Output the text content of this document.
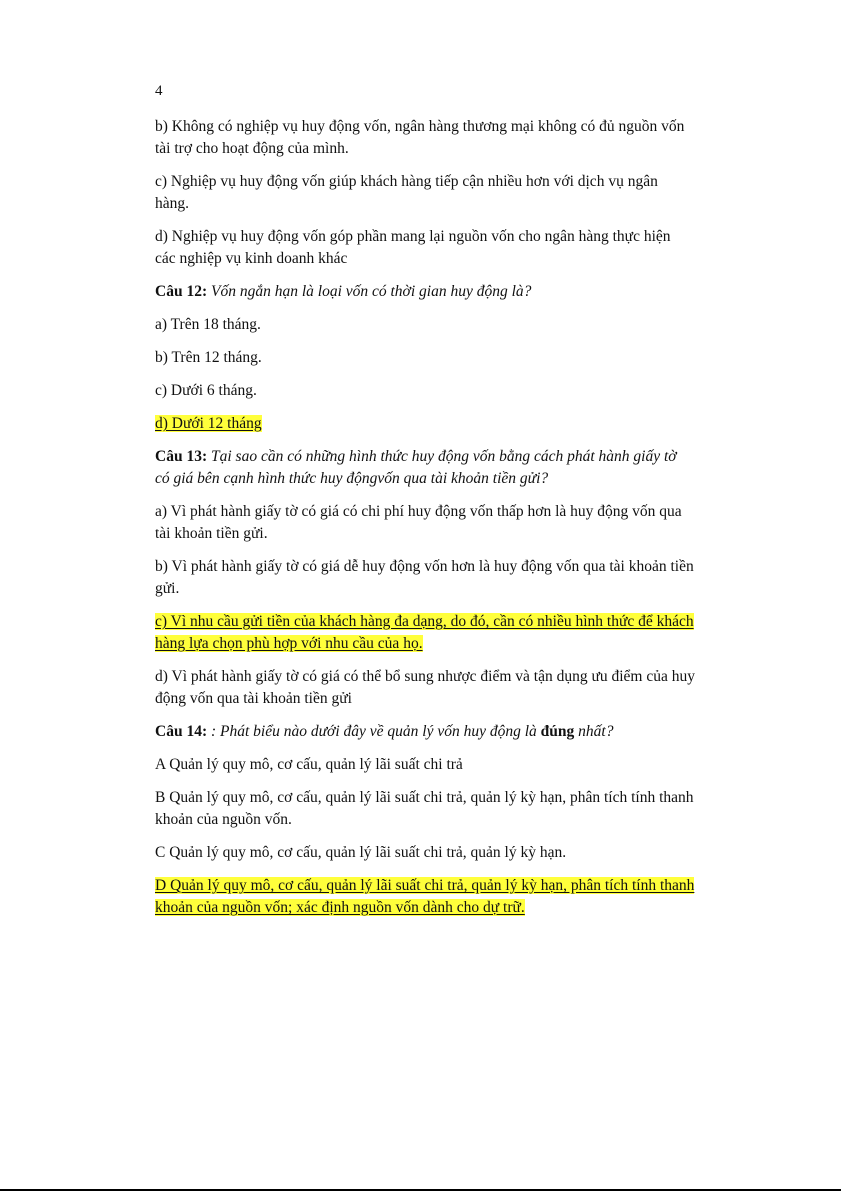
4

b) Không có nghiệp vụ huy động vốn, ngân hàng thương mại không có đủ nguồn vốn tài trợ cho hoạt động của mình.

c) Nghiệp vụ huy động vốn giúp khách hàng tiếp cận nhiều hơn với dịch vụ ngân hàng.

d) Nghiệp vụ huy động vốn góp phần mang lại nguồn vốn cho ngân hàng thực hiện các nghiệp vụ kinh doanh khác

Câu 12: Vốn ngắn hạn là loại vốn có thời gian huy động là?

a) Trên 18 tháng.

b) Trên 12 tháng.

c) Dưới 6 tháng.

d) Dưới 12 tháng

Câu 13: Tại sao cần có những hình thức huy động vốn bằng cách phát hành giấy tờ có giá bên cạnh hình thức huy độngvốn qua tài khoản tiền gửi?

a) Vì phát hành giấy tờ có giá có chi phí huy động vốn thấp hơn là huy động vốn qua tài khoản tiền gửi.

b) Vì phát hành giấy tờ có giá dễ huy động vốn hơn là huy động vốn qua tài khoản tiền gửi.

c) Vì nhu cầu gửi tiền của khách hàng đa dạng, do đó, cần có nhiều hình thức để khách hàng lựa chọn phù hợp với nhu cầu của họ.

d) Vì phát hành giấy tờ có giá có thể bổ sung nhược điểm và tận dụng ưu điểm của huy động vốn qua tài khoản tiền gửi

Câu 14: : Phát biểu nào dưới đây về quản lý vốn huy động là đúng nhất?

A Quản lý quy mô, cơ cấu, quản lý lãi suất chi trả

B Quản lý quy mô, cơ cấu, quản lý lãi suất chi trả, quản lý kỳ hạn, phân tích tính thanh khoản của nguồn vốn.

C Quản lý quy mô, cơ cấu, quản lý lãi suất chi trả, quản lý kỳ hạn.

D Quản lý quy mô, cơ cấu, quản lý lãi suất chi trả, quản lý kỳ hạn, phân tích tính thanh khoản của nguồn vốn; xác định nguồn vốn dành cho dự trữ.
